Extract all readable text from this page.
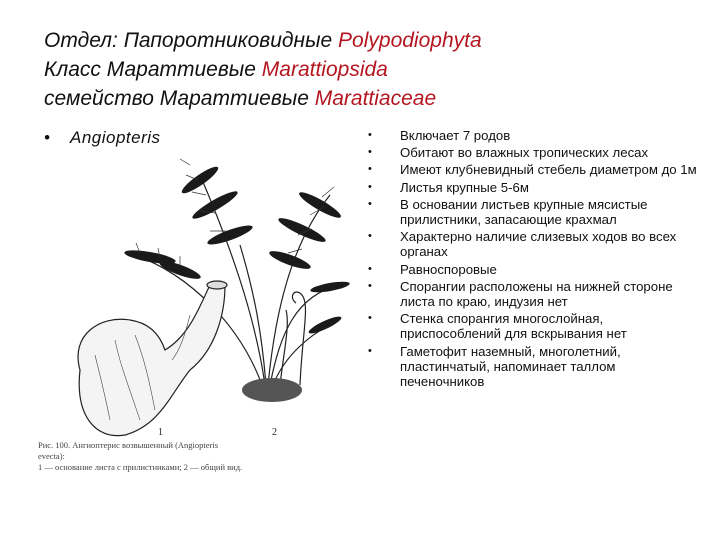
Отдел: Папоротниковидные Polypodiophyta
Класс Мараттиевые Marattiopsida
семейство Мараттиевые Marattiaceae
• Angiopteris
1	2
Рис. 100. Ангиоптерис возвышенный (Angiopteris
evecta):
1 — основание листа с прилистниками; 2 — общий вид.
•	Включает 7 родов
•	Обитают во влажных тропических лесах
•	Имеют клубневидный стебель диаметром до 1м
•	Листья крупные 5-6м
•	В основании листьев крупные мясистые прилистники, запасающие крахмал
•	Характерно наличие слизевых ходов во всех органах
•	Равноспоровые
•	Спорангии расположены на нижней стороне листа по краю, индузия нет
•	Стенка спорангия многослойная, приспособлений для вскрывания нет
•	Гаметофит наземный, многолетний, пластинчатый, напоминает таллом печеночников
